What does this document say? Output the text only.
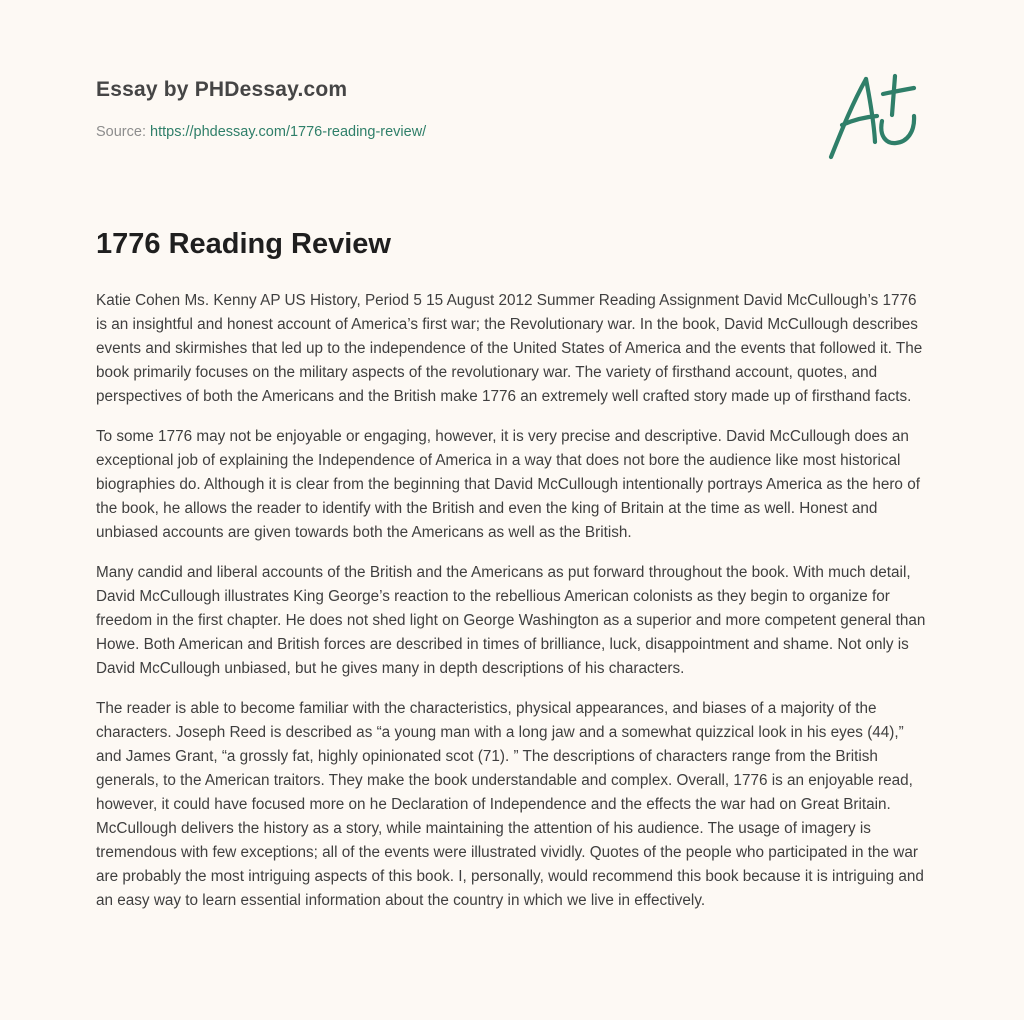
Essay by PHDessay.com
Source: https://phdessay.com/1776-reading-review/
1776 Reading Review

Katie Cohen Ms. Kenny AP US History, Period 5 15 August 2012 Summer Reading Assignment David McCullough’s 1776 is an insightful and honest account of America’s first war; the Revolutionary war. In the book, David McCullough describes events and skirmishes that led up to the independence of the United States of America and the events that followed it. The book primarily focuses on the military aspects of the revolutionary war. The variety of firsthand account, quotes, and perspectives of both the Americans and the British make 1776 an extremely well crafted story made up of firsthand facts.

To some 1776 may not be enjoyable or engaging, however, it is very precise and descriptive. David McCullough does an exceptional job of explaining the Independence of America in a way that does not bore the audience like most historical biographies do. Although it is clear from the beginning that David McCullough intentionally portrays America as the hero of the book, he allows the reader to identify with the British and even the king of Britain at the time as well. Honest and unbiased accounts are given towards both the Americans as well as the British.

Many candid and liberal accounts of the British and the Americans as put forward throughout the book. With much detail, David McCullough illustrates King George’s reaction to the rebellious American colonists as they begin to organize for freedom in the first chapter. He does not shed light on George Washington as a superior and more competent general than Howe. Both American and British forces are described in times of brilliance, luck, disappointment and shame. Not only is David McCullough unbiased, but he gives many in depth descriptions of his characters.

The reader is able to become familiar with the characteristics, physical appearances, and biases of a majority of the characters. Joseph Reed is described as “a young man with a long jaw and a somewhat quizzical look in his eyes (44),” and James Grant, “a grossly fat, highly opinionated scot (71). ” The descriptions of characters range from the British generals, to the American traitors. They make the book understandable and complex. Overall, 1776 is an enjoyable read, however, it could have focused more on he Declaration of Independence and the effects the war had on Great Britain. McCullough delivers the history as a story, while maintaining the attention of his audience. The usage of imagery is tremendous with few exceptions; all of the events were illustrated vividly. Quotes of the people who participated in the war are probably the most intriguing aspects of this book. I, personally, would recommend this book because it is intriguing and an easy way to learn essential information about the country in which we live in effectively.
